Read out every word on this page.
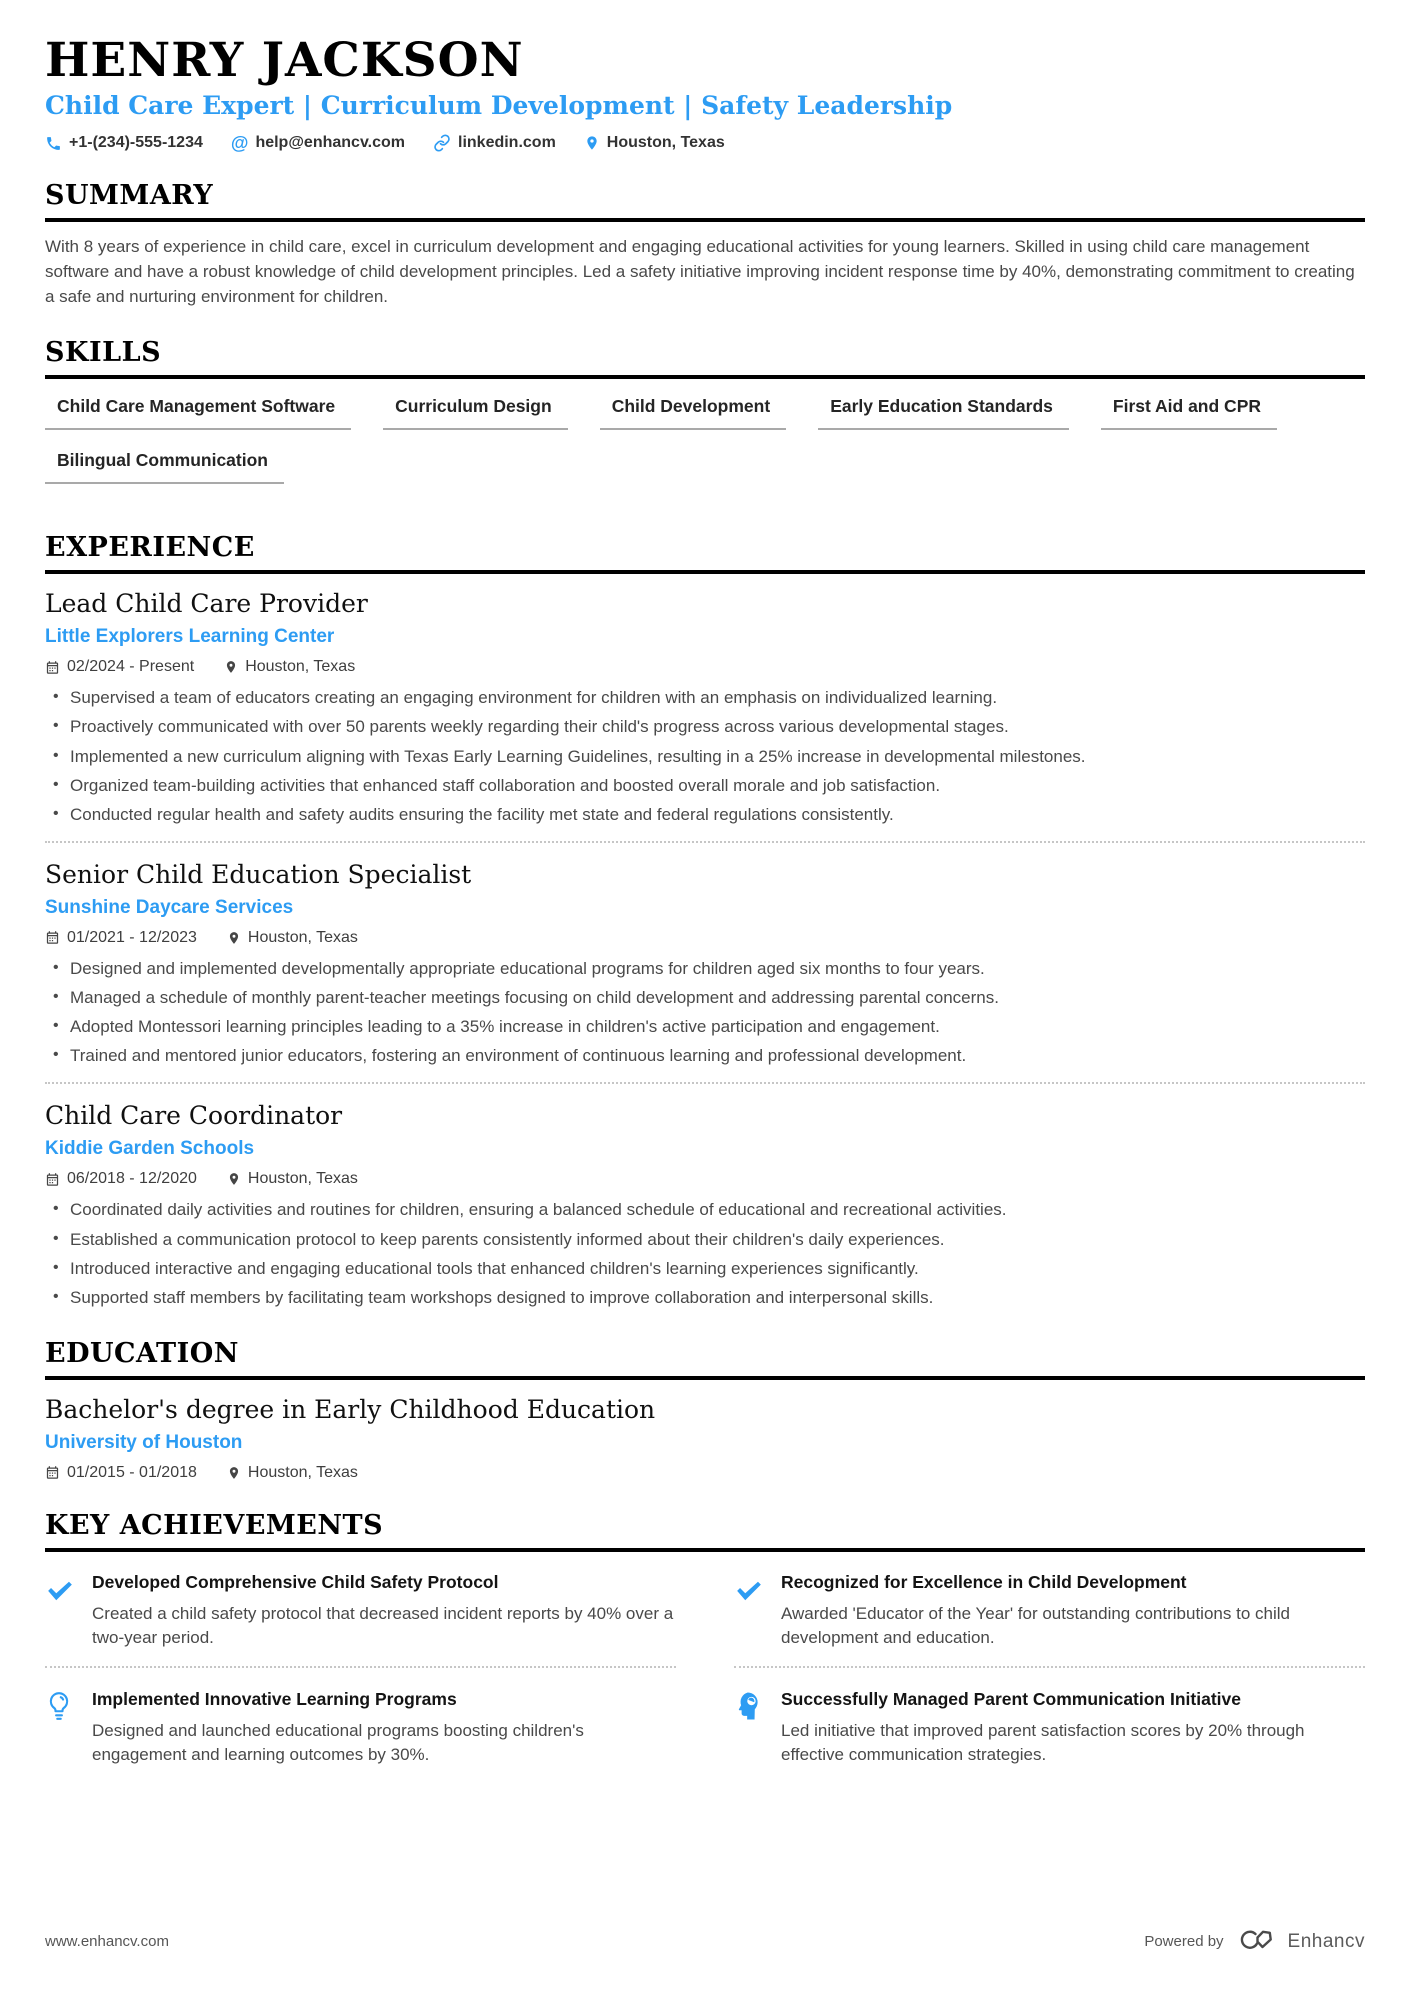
HENRY JACKSON
Child Care Expert | Curriculum Development | Safety Leadership
+1-(234)-555-1234 @ help@enhancv.com	linkedin.com	Houston, Texas
SUMMARY

With 8 years of experience in child care, excel in curriculum development and engaging educational activities for young learners. Skilled in using child care management software and have a robust knowledge of child development principles. Led a safety initiative improving incident response time by 40%, demonstrating commitment to creating a safe and nurturing environment for children.

SKILLS
Child Care Management Software	Curriculum Design	Child Development	Early Education Standards	First Aid and CPR
Bilingual Communication
EXPERIENCE
Lead Child Care Provider
Little Explorers Learning Center
02/2024 - Present	Houston, Texas
• Supervised a team of educators creating an engaging environment for children with an emphasis on individualized learning.
• Proactively communicated with over 50 parents weekly regarding their child's progress across various developmental stages.
• Implemented a new curriculum aligning with Texas Early Learning Guidelines, resulting in a 25% increase in developmental milestones.
• Organized team-building activities that enhanced staff collaboration and boosted overall morale and job satisfaction.
• Conducted regular health and safety audits ensuring the facility met state and federal regulations consistently.
Senior Child Education Specialist
Sunshine Daycare Services
01/2021 - 12/2023	Houston, Texas
• Designed and implemented developmentally appropriate educational programs for children aged six months to four years.
• Managed a schedule of monthly parent-teacher meetings focusing on child development and addressing parental concerns.
• Adopted Montessori learning principles leading to a 35% increase in children's active participation and engagement.
• Trained and mentored junior educators, fostering an environment of continuous learning and professional development.
Child Care Coordinator
Kiddie Garden Schools
06/2018 - 12/2020	Houston, Texas
• Coordinated daily activities and routines for children, ensuring a balanced schedule of educational and recreational activities.
• Established a communication protocol to keep parents consistently informed about their children's daily experiences.
• Introduced interactive and engaging educational tools that enhanced children's learning experiences significantly.
• Supported staff members by facilitating team workshops designed to improve collaboration and interpersonal skills.
EDUCATION
Bachelor's degree in Early Childhood Education
University of Houston
01/2015 - 01/2018	Houston, Texas
KEY ACHIEVEMENTS
Developed Comprehensive Child Safety Protocol
Created a child safety protocol that decreased incident reports by 40% over a two-year period.
Recognized for Excellence in Child Development
Awarded 'Educator of the Year' for outstanding contributions to child development and education.
Implemented Innovative Learning Programs
Designed and launched educational programs boosting children's engagement and learning outcomes by 30%.
Successfully Managed Parent Communication Initiative
Led initiative that improved parent satisfaction scores by 20% through effective communication strategies.
www.enhancv.com	Powered by	Enhancv
